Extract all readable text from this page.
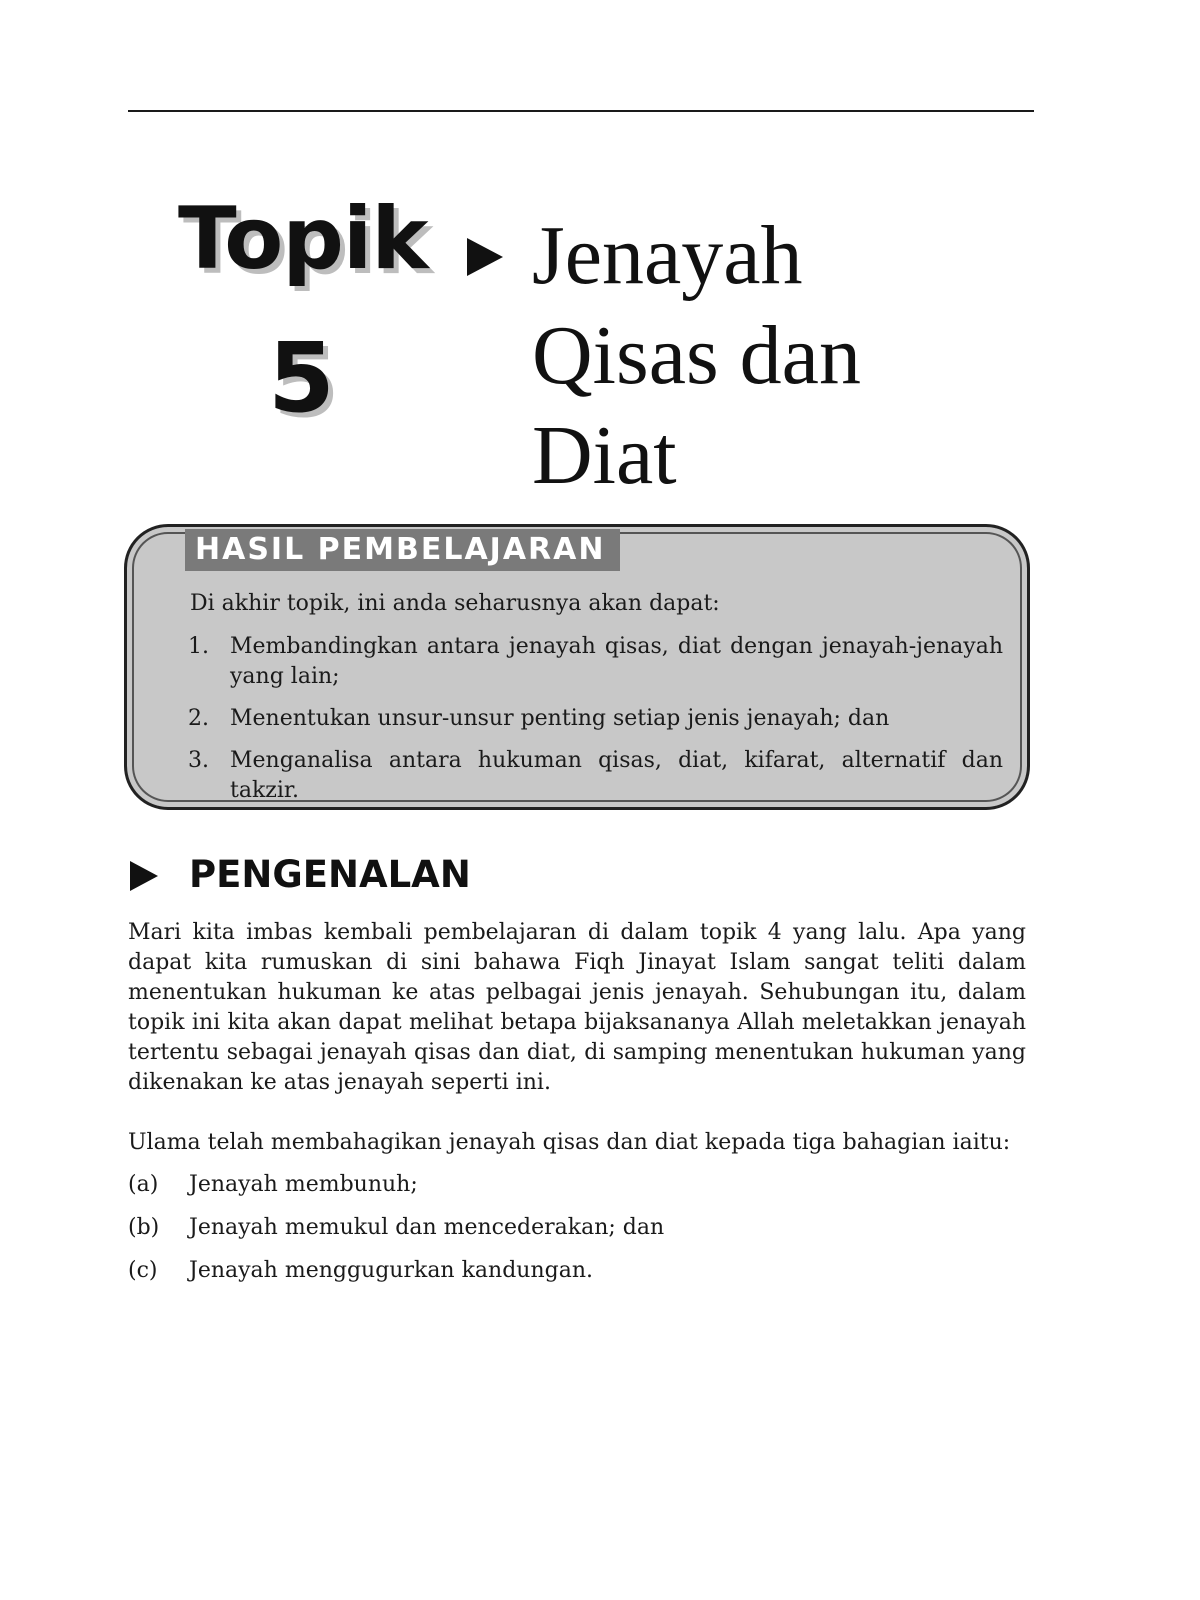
Topik
5
Jenayah
Qisas dan
Diat
HASIL PEMBELAJARAN

Di akhir topik, ini anda seharusnya akan dapat:

1. Membandingkan antara jenayah qisas, diat dengan jenayah-jenayah yang lain;
2. Menentukan unsur-unsur penting setiap jenis jenayah; dan
3. Menganalisa antara hukuman qisas, diat, kifarat, alternatif dan takzir.
PENGENALAN

Mari kita imbas kembali pembelajaran di dalam topik 4 yang lalu. Apa yang dapat kita rumuskan di sini bahawa Fiqh Jinayat Islam sangat teliti dalam menentukan hukuman ke atas pelbagai jenis jenayah. Sehubungan itu, dalam topik ini kita akan dapat melihat betapa bijaksananya Allah meletakkan jenayah tertentu sebagai jenayah qisas dan diat, di samping menentukan hukuman yang dikenakan ke atas jenayah seperti ini.

Ulama telah membahagikan jenayah qisas dan diat kepada tiga bahagian iaitu:

(a)	Jenayah membunuh;
(b)	Jenayah memukul dan mencederakan; dan
(c)	Jenayah menggugurkan kandungan.
